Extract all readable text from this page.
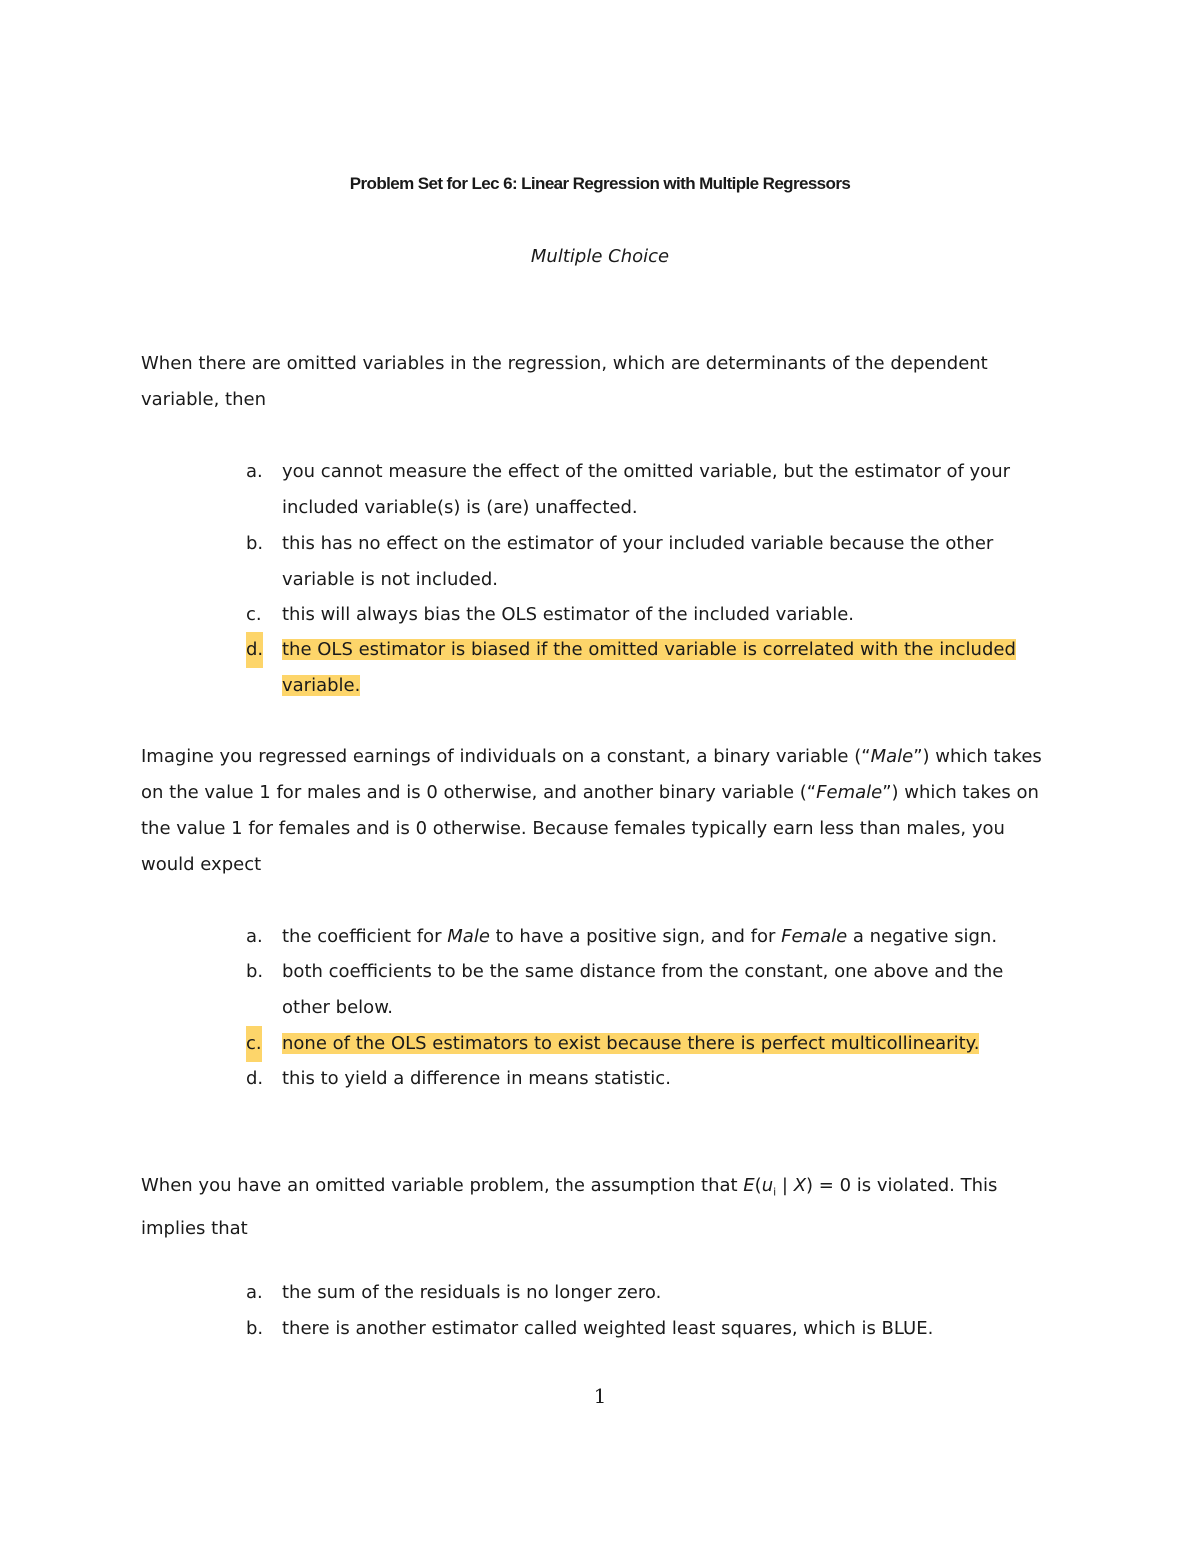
Problem Set for Lec 6: Linear Regression with Multiple Regressors
Multiple Choice
When there are omitted variables in the regression, which are determinants of the dependent variable, then
a. you cannot measure the effect of the omitted variable, but the estimator of your included variable(s) is (are) unaffected.
b. this has no effect on the estimator of your included variable because the other variable is not included.
c. this will always bias the OLS estimator of the included variable.
d. the OLS estimator is biased if the omitted variable is correlated with the included variable.
Imagine you regressed earnings of individuals on a constant, a binary variable (“Male”) which takes on the value 1 for males and is 0 otherwise, and another binary variable (“Female”) which takes on the value 1 for females and is 0 otherwise. Because females typically earn less than males, you would expect
a. the coefficient for Male to have a positive sign, and for Female a negative sign.
b. both coefficients to be the same distance from the constant, one above and the other below.
c. none of the OLS estimators to exist because there is perfect multicollinearity.
d. this to yield a difference in means statistic.
When you have an omitted variable problem, the assumption that $E(u_i$ | X) = 0 is violated. This implies that
a. the sum of the residuals is no longer zero.
b. there is another estimator called weighted least squares, which is BLUE.
1
